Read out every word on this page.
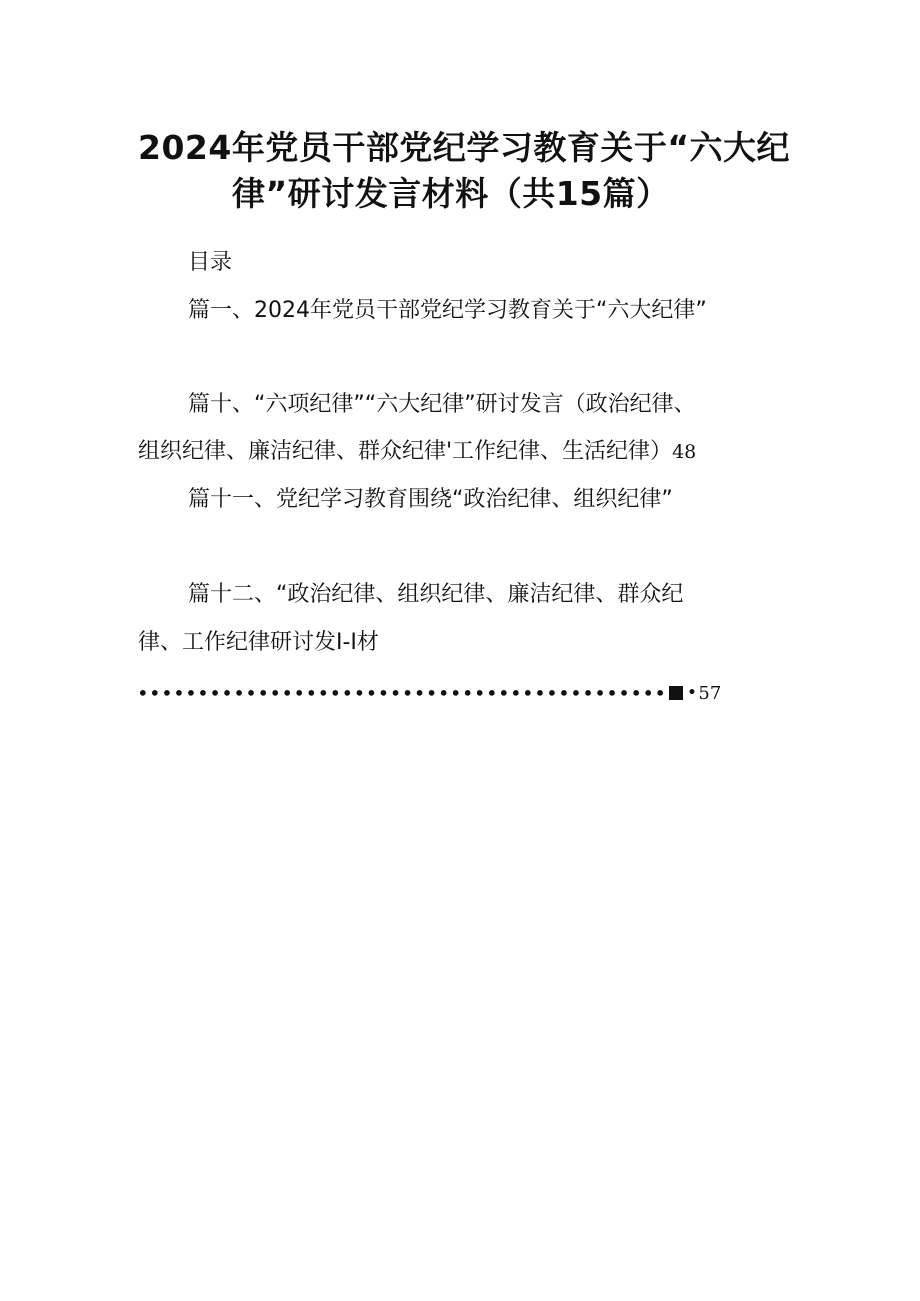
2024年党员干部党纪学习教育关于“六大纪
律”研讨发言材料（共15篇）
目录
篇一、2024年党员干部党纪学习教育关于“六大纪律”
篇十、“六项纪律”“六大纪律”研讨发言（政治纪律、
组织纪律、廉洁纪律、群众纪律'工作纪律、生活纪律）48
篇十一、党纪学习教育围绕“政治纪律、组织纪律”
篇十二、“政治纪律、组织纪律、廉洁纪律、群众纪
律、工作纪律研讨发I-I材
•••••••••••••••••••••••••••••••••••••••••••• • 57
